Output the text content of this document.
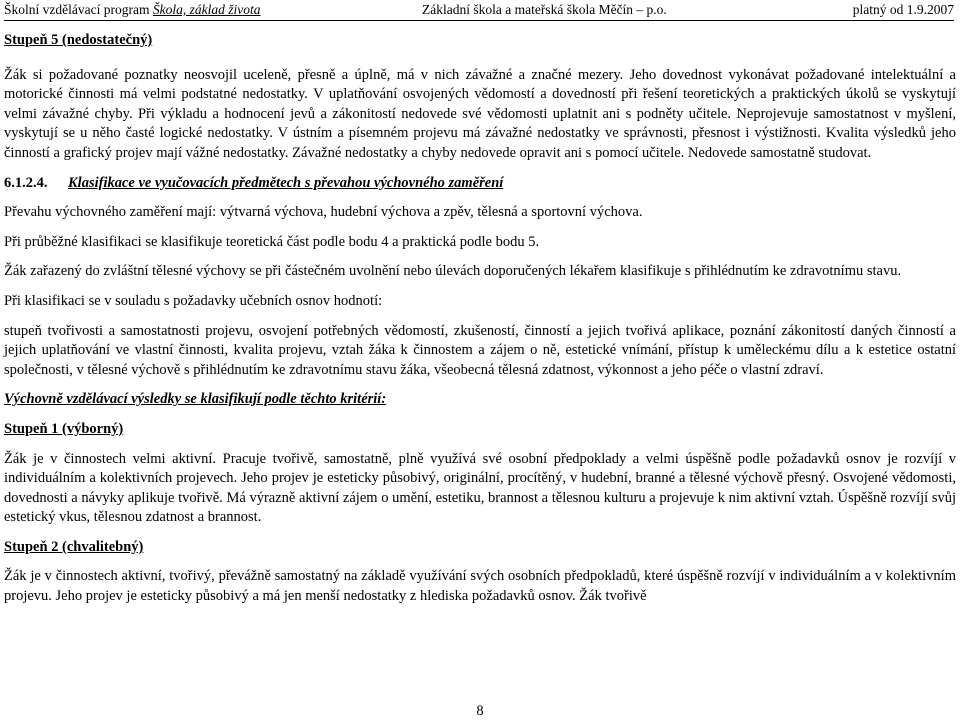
Školní vzdělávací program Škola, základ života	Základní škola a mateřská škola Měčín – p.o.	platný od 1.9.2007

Stupeň 5 (nedostatečný)

Žák si požadované poznatky neosvojil uceleně, přesně a úplně, má v nich závažné a značné mezery. Jeho dovednost vykonávat požadované intelektuální a motorické činnosti má velmi podstatné nedostatky. V uplatňování osvojených vědomostí a dovedností při řešení teoretických a praktických úkolů se vyskytují velmi závažné chyby. Při výkladu a hodnocení jevů a zákonitostí nedovede své vědomosti uplatnit ani s podněty učitele. Neprojevuje samostatnost v myšlení, vyskytují se u něho časté logické nedostatky. V ústním a písemném projevu má závažné nedostatky ve správnosti, přesnost i výstižnosti. Kvalita výsledků jeho činností a grafický projev mají vážné nedostatky. Závažné nedostatky a chyby nedovede opravit ani s pomocí učitele. Nedovede samostatně studovat.

6.1.2.4. Klasifikace ve vyučovacích předmětech s převahou výchovného zaměření

Převahu výchovného zaměření mají: výtvarná výchova, hudební výchova a zpěv, tělesná a sportovní výchova.

Při průběžné klasifikaci se klasifikuje teoretická část podle bodu 4 a praktická podle bodu 5.

Žák zařazený do zvláštní tělesné výchovy se při částečném uvolnění nebo úlevách doporučených lékařem klasifikuje s přihlédnutím ke zdravotnímu stavu.

Při klasifikaci se v souladu s požadavky učebních osnov hodnotí:

stupeň tvořivosti a samostatnosti projevu, osvojení potřebných vědomostí, zkušeností, činností a jejich tvořivá aplikace, poznání zákonitostí daných činností a jejich uplatňování ve vlastní činnosti, kvalita projevu, vztah žáka k činnostem a zájem o ně, estetické vnímání, přístup k uměleckému dílu a k estetice ostatní společnosti, v tělesné výchově s přihlédnutím ke zdravotnímu stavu žáka, všeobecná tělesná zdatnost, výkonnost a jeho péče o vlastní zdraví.

Výchovně vzdělávací výsledky se klasifikují podle těchto kritérií:

Stupeň 1 (výborný)

Žák je v činnostech velmi aktivní. Pracuje tvořivě, samostatně, plně využívá své osobní předpoklady a velmi úspěšně podle požadavků osnov je rozvíjí v individuálním a kolektivních projevech. Jeho projev je esteticky působivý, originální, procítěný, v hudební, branné a tělesné výchově přesný. Osvojené vědomosti, dovednosti a návyky aplikuje tvořivě. Má výrazně aktivní zájem o umění, estetiku, brannost a tělesnou kulturu a projevuje k nim aktivní vztah. Úspěšně rozvíjí svůj estetický vkus, tělesnou zdatnost a brannost.

Stupeň 2 (chvalitebný)

Žák je v činnostech aktivní, tvořivý, převážně samostatný na základě využívání svých osobních předpokladů, které úspěšně rozvíjí v individuálním a v kolektivním projevu. Jeho projev je esteticky působivý a má jen menší nedostatky z hlediska požadavků osnov. Žák tvořivě

8
